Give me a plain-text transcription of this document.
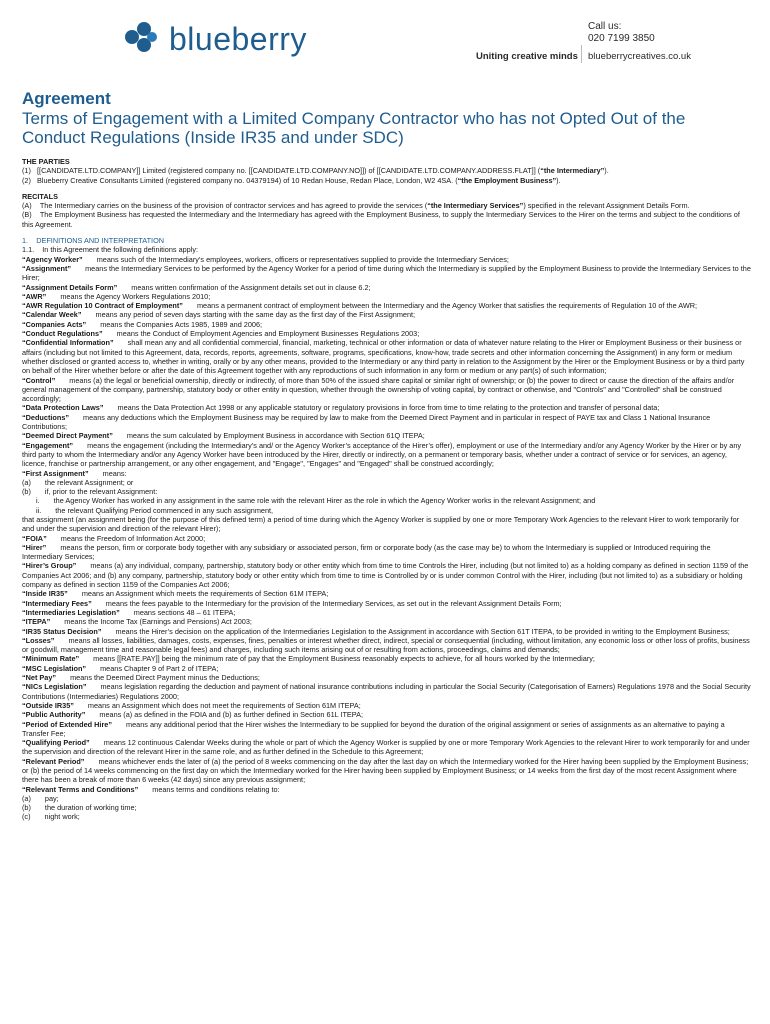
blueberry	Uniting creative minds
Call us:
020 7199 3850
blueberrycreatives.co.uk
Agreement
Terms of Engagement with a Limited Company Contractor who has not Opted Out of the Conduct Regulations (Inside IR35 and under SDC)

THE PARTIES

(1) [[CANDIDATE.LTD.COMPANY]] Limited (registered company no. [[CANDIDATE.LTD.COMPANY.NO]]) of [[CANDIDATE.LTD.COMPANY.ADDRESS.FLAT]] (“the Intermediary”).

(2) Blueberry Creative Consultants Limited (registered company no. 04379194) of 10 Redan House, Redan Place, London, W2 4SA. (“the Employment Business”).

RECITALS

(A) The Intermediary carries on the business of the provision of contractor services and has agreed to provide the services (“the Intermediary Services”) specified in the relevant Assignment Details Form.

(B) The Employment Business has requested the Intermediary and the Intermediary has agreed with the Employment Business, to supply the Intermediary Services to the Hirer on the terms and subject to the conditions of this Agreement.

1.    DEFINITIONS AND INTERPRETATION

1.1.    In this Agreement the following definitions apply:

“Agency Worker” means such of the Intermediary’s employees, workers, officers or representatives supplied to provide the Intermediary Services;

“Assignment” means the Intermediary Services to be performed by the Agency Worker for a period of time during which the Intermediary is supplied by the Employment Business to provide the Intermediary Services to the Hirer;

“Assignment Details Form” means written confirmation of the Assignment details set out in clause 6.2;

“AWR” means the Agency Workers Regulations 2010;

“AWR Regulation 10 Contract of Employment” means a permanent contract of employment between the Intermediary and the Agency Worker that satisfies the requirements of Regulation 10 of the AWR;

“Calendar Week” means any period of seven days starting with the same day as the first day of the First Assignment;

“Companies Acts” means the Companies Acts 1985, 1989 and 2006;

“Conduct Regulations” means the Conduct of Employment Agencies and Employment Businesses Regulations 2003;

“Confidential Information” shall mean any and all confidential commercial, financial, marketing, technical or other information or data of whatever nature relating to the Hirer or Employment Business or their business or affairs (including but not limited to this Agreement, data, records, reports, agreements, software, programs, specifications, know-how, trade secrets and other information concerning the Assignment) in any form or medium whether disclosed or granted access to, whether in writing, orally or by any other means, provided to the Intermediary or any third party in relation to the Assignment by the Hirer or the Employment Business or by a third party on behalf of the Hirer whether before or after the date of this Agreement together with any reproductions of such information in any form or medium or any part(s) of such information;

“Control” means (a) the legal or beneficial ownership, directly or indirectly, of more than 50% of the issued share capital or similar right of ownership; or (b) the power to direct or cause the direction of the affairs and/or general management of the company, partnership, statutory body or other entity in question, whether through the ownership of voting capital, by contract or otherwise, and "Controls" and "Controlled" shall be construed accordingly;

“Data Protection Laws” means the Data Protection Act 1998 or any applicable statutory or regulatory provisions in force from time to time relating to the protection and transfer of personal data;

“Deductions” means any deductions which the Employment Business may be required by law to make from the Deemed Direct Payment and in particular in respect of PAYE tax and Class 1 National Insurance Contributions;

“Deemed Direct Payment” means the sum calculated by Employment Business in accordance with Section 61Q ITEPA;

“Engagement” means the engagement (including the Intermediary’s and/ or the Agency Worker’s acceptance of the Hirer’s offer), employment or use of the Intermediary and/or any Agency Worker by the Hirer or by any third party to whom the Intermediary and/or any Agency Worker have been introduced by the Hirer, directly or indirectly, on a permanent or temporary basis, whether under a contract of service or for services, an agency, licence, franchise or partnership arrangement, or any other engagement, and "Engage", "Engages" and "Engaged" shall be construed accordingly;

“First Assignment” means:

(a) the relevant Assignment; or

(b) if, prior to the relevant Assignment:

i. the Agency Worker has worked in any assignment in the same role with the relevant Hirer as the role in which the Agency Worker works in the relevant Assignment; and

ii. the relevant Qualifying Period commenced in any such assignment,

that assignment (an assignment being (for the purpose of this defined term) a period of time during which the Agency Worker is supplied by one or more Temporary Work Agencies to the relevant Hirer to work temporarily for and under the supervision and direction of the relevant Hirer);

“FOIA” means the Freedom of Information Act 2000;

“Hirer” means the person, firm or corporate body together with any subsidiary or associated person, firm or corporate body (as the case may be) to whom the Intermediary is supplied or Introduced requiring the Intermediary Services;

“Hirer’s Group” means (a) any individual, company, partnership, statutory body or other entity which from time to time Controls the Hirer, including (but not limited to) as a holding company as defined in section 1159 of the Companies Act 2006; and (b) any company, partnership, statutory body or other entity which from time to time is Controlled by or is under common Control with the Hirer, including (but not limited to) as a subsidiary or holding company as defined in section 1159 of the Companies Act 2006;

“Inside IR35” means an Assignment which meets the requirements of Section 61M ITEPA;

“Intermediary Fees” means the fees payable to the Intermediary for the provision of the Intermediary Services, as set out in the relevant Assignment Details Form;

“Intermediaries Legislation” means sections 48 – 61 ITEPA;

“ITEPA” means the Income Tax (Earnings and Pensions) Act 2003;

“IR35 Status Decision” means the Hirer’s decision on the application of the Intermediaries Legislation to the Assignment in accordance with Section 61T ITEPA, to be provided in writing to the Employment Business;

“Losses” means all losses, liabilities, damages, costs, expenses, fines, penalties or interest whether direct, indirect, special or consequential (including, without limitation, any economic loss or other loss of profits, business or goodwill, management time and reasonable legal fees) and charges, including such items arising out of or resulting from actions, proceedings, claims and demands;

“Minimum Rate” means [[RATE.PAY]] being the minimum rate of pay that the Employment Business reasonably expects to achieve, for all hours worked by the Intermediary;

“MSC Legislation” means Chapter 9 of Part 2 of ITEPA;

“Net Pay” means the Deemed Direct Payment minus the Deductions;

“NICs Legislation” means legislation regarding the deduction and payment of national insurance contributions including in particular the Social Security (Categorisation of Earners) Regulations 1978 and the Social Security Contributions (Intermediaries) Regulations 2000;

“Outside IR35” means an Assignment which does not meet the requirements of Section 61M ITEPA;

“Public Authority” means (a) as defined in the FOIA and (b) as further defined in Section 61L ITEPA;

“Period of Extended Hire” means any additional period that the Hirer wishes the Intermediary to be supplied for beyond the duration of the original assignment or series of assignments as an alternative to paying a Transfer Fee;

“Qualifying Period” means 12 continuous Calendar Weeks during the whole or part of which the Agency Worker is supplied by one or more Temporary Work Agencies to the relevant Hirer to work temporarily for and under the supervision and direction of the relevant Hirer in the same role, and as further defined in the Schedule to this Agreement;

“Relevant Period” means whichever ends the later of (a) the period of 8 weeks commencing on the day after the last day on which the Intermediary worked for the Hirer having been supplied by the Employment Business; or (b) the period of 14 weeks commencing on the first day on which the Intermediary worked for the Hirer having been supplied by Employment Business; or 14 weeks from the first day of the most recent Assignment where there has been a break of more than 6 weeks (42 days) since any previous assignment;

“Relevant Terms and Conditions” means terms and conditions relating to:

(a) pay;

(b) the duration of working time;

(c) night work;
